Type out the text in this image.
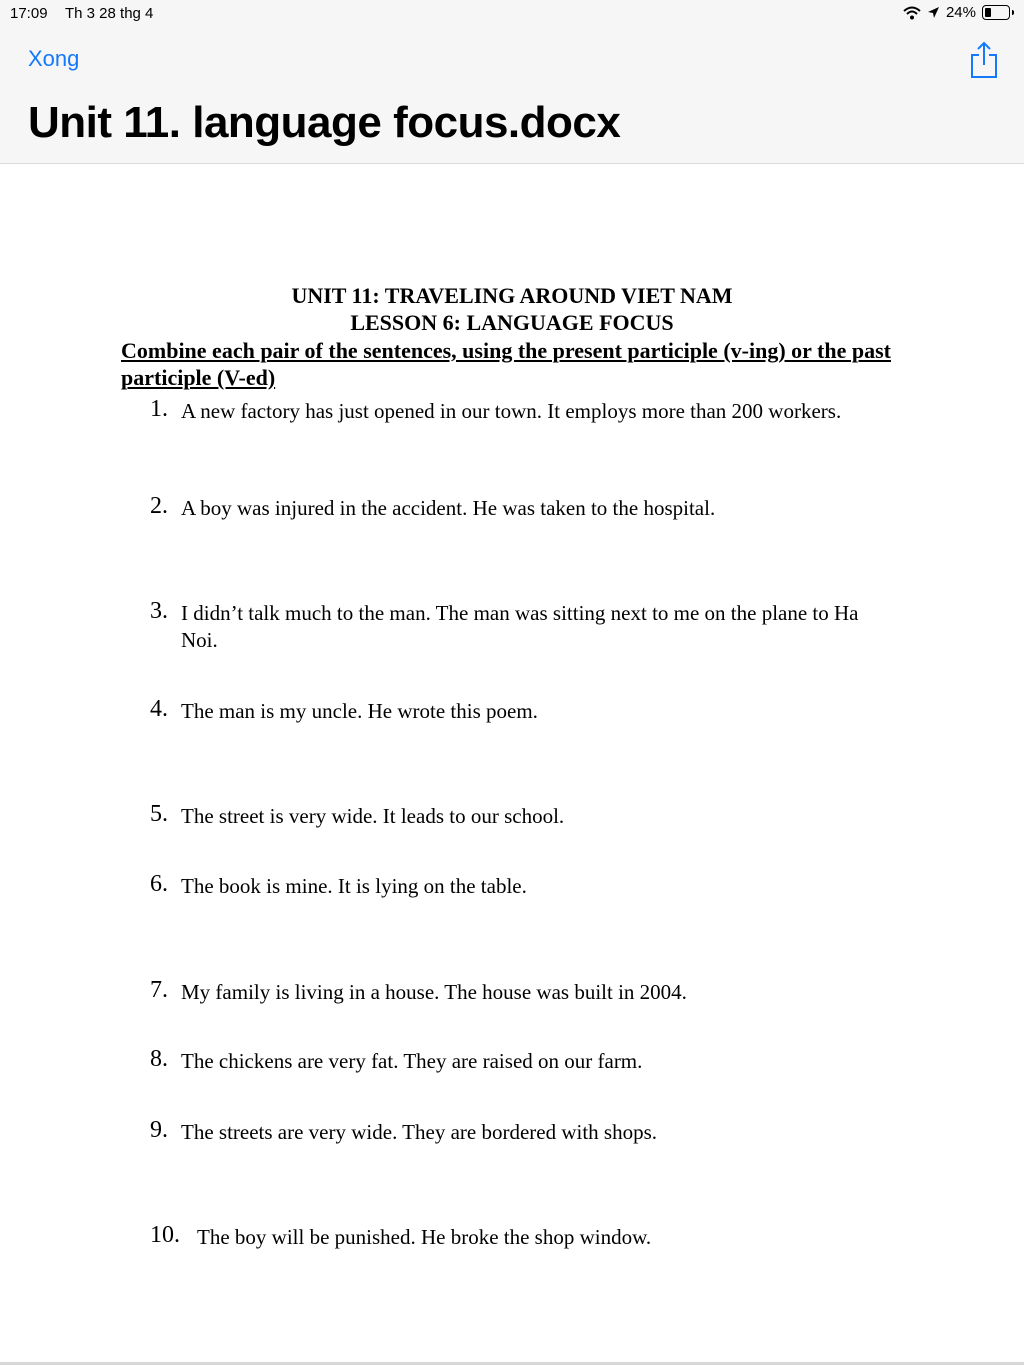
17:09 Th 3 28 thg 4	24%
Xong
Unit 11. language focus.docx
UNIT 11: TRAVELING AROUND VIET NAM
LESSON 6: LANGUAGE FOCUS
Combine each pair of the sentences, using the present participle (v-ing) or the past participle (V-ed)
1. A new factory has just opened in our town. It employs more than 200 workers.
2. A boy was injured in the accident. He was taken to the hospital.
3. I didn’t talk much to the man. The man was sitting next to me on the plane to Ha Noi.
4. The man is my uncle. He wrote this poem.
5. The street is very wide. It leads to our school.
6. The book is mine. It is lying on the table.
7. My family is living in a house. The house was built in 2004.
8. The chickens are very fat. They are raised on our farm.
9. The streets are very wide. They are bordered with shops.
10. The boy will be punished. He broke the shop window.
